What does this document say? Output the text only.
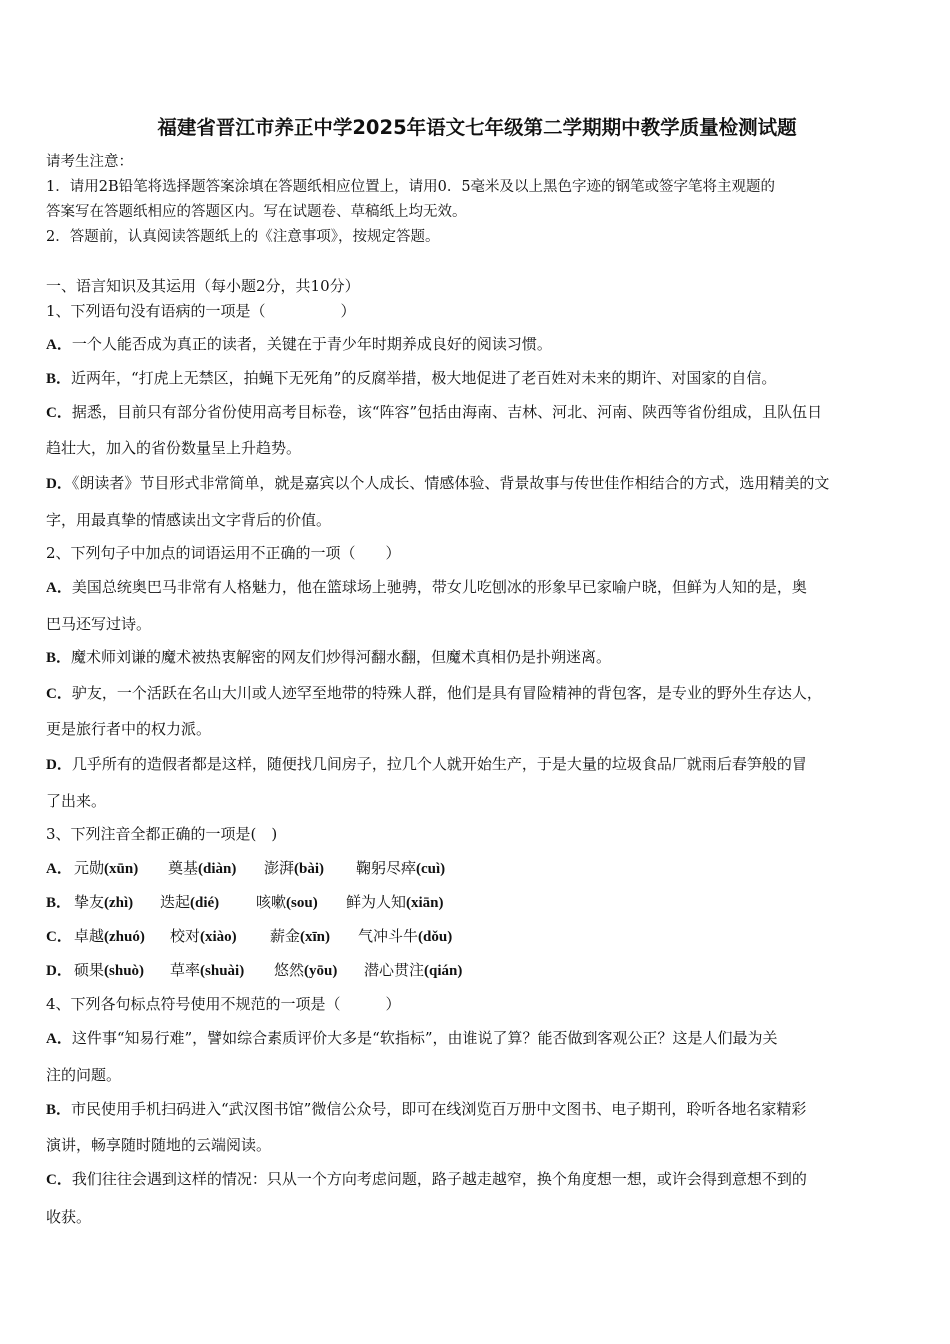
福建省晋江市养正中学2025年语文七年级第二学期期中教学质量检测试题
请考生注意：
1．请用2B铅笔将选择题答案涂填在答题纸相应位置上，请用0．5毫米及以上黑色字迹的钢笔或签字笔将主观题的
答案写在答题纸相应的答题区内。写在试题卷、草稿纸上均无效。
2．答题前，认真阅读答题纸上的《注意事项》，按规定答题。
一、语言知识及其运用（每小题2分，共10分）
1、下列语句没有语病的一项是（　　　　　）
A．一个人能否成为真正的读者，关键在于青少年时期养成良好的阅读习惯。
B．近两年，“打虎上无禁区，拍蝇下无死角”的反腐举措，极大地促进了老百姓对未来的期许、对国家的自信。
C．据悉，目前只有部分省份使用高考目标卷，该“阵容”包括由海南、吉林、河北、河南、陕西等省份组成，且队伍日
趋壮大，加入的省份数量呈上升趋势。
D．《朗读者》节目形式非常简单，就是嘉宾以个人成长、情感体验、背景故事与传世佳作相结合的方式，选用精美的文
字，用最真挚的情感读出文字背后的价值。
2、下列句子中加点的词语运用不正确的一项（　　）
A．美国总统奥巴马非常有人格魅力，他在篮球场上驰骋，带女儿吃刨冰的形象早已家喻户晓，但鲜为人知的是，奥
巴马还写过诗。
B．魔术师刘谦的魔术被热衷解密的网友们炒得河翻水翻，但魔术真相仍是扑朔迷离。
C．驴友，一个活跃在名山大川或人迹罕至地带的特殊人群，他们是具有冒险精神的背包客，是专业的野外生存达人，
更是旅行者中的权力派。
D．几乎所有的造假者都是这样，随便找几间房子，拉几个人就开始生产，于是大量的垃圾食品厂就雨后春笋般的冒
了出来。
3、下列注音全都正确的一项是(　)
A． 元勋(xūn) 奠基(diàn) 澎湃(bài) 鞠躬尽瘁(cuì)
B． 挚友(zhì) 迭起(dié) 咳嗽(sou) 鲜为人知(xiān)
C． 卓越(zhuó) 校对(xiào) 薪金(xīn) 气冲斗牛(dǒu)
D． 硕果(shuò) 草率(shuài) 悠然(yōu) 潜心贯注(qián)
4、下列各句标点符号使用不规范的一项是（　　　）
A．这件事“知易行难”，譬如综合素质评价大多是“软指标”，由谁说了算？能否做到客观公正？这是人们最为关
注的问题。
B．市民使用手机扫码进入“武汉图书馆”微信公众号，即可在线浏览百万册中文图书、电子期刊，聆听各地名家精彩
演讲，畅享随时随地的云端阅读。
C．我们往往会遇到这样的情况：只从一个方向考虑问题，路子越走越窄，换个角度想一想，或许会得到意想不到的
收获。
